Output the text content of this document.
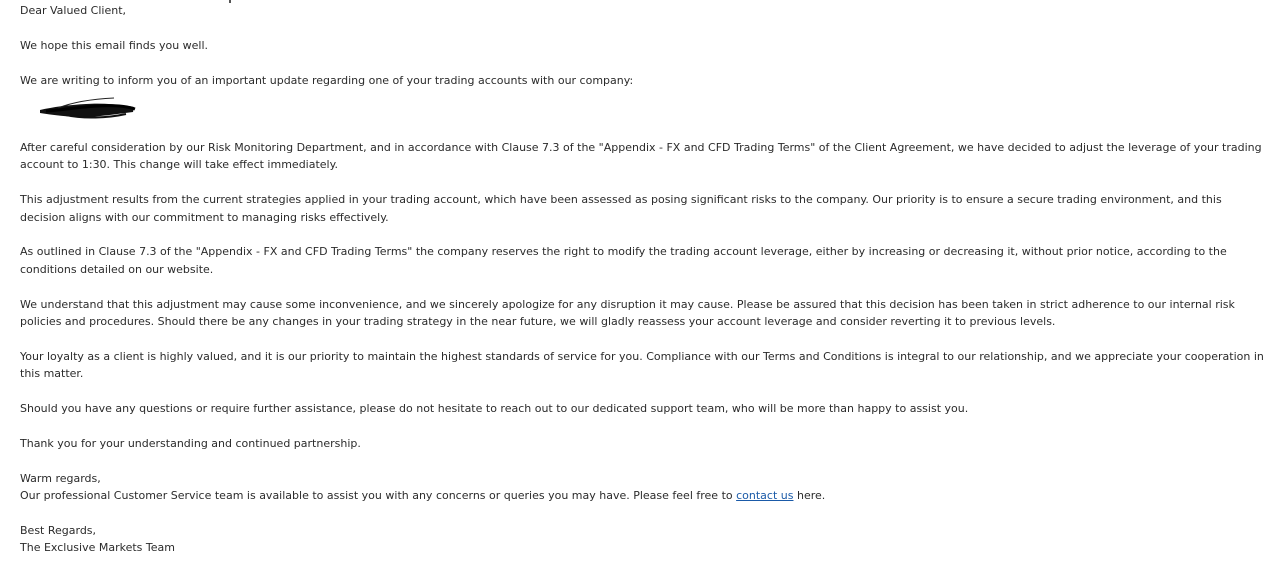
Dear Valued Client,

We hope this email finds you well.

We are writing to inform you of an important update regarding one of your trading accounts with our company:

After careful consideration by our Risk Monitoring Department, and in accordance with Clause 7.3 of the "Appendix - FX and CFD Trading Terms" of the Client Agreement, we have decided to adjust the leverage of your trading account to 1:30. This change will take effect immediately.

This adjustment results from the current strategies applied in your trading account, which have been assessed as posing significant risks to the company. Our priority is to ensure a secure trading environment, and this decision aligns with our commitment to managing risks effectively.

As outlined in Clause 7.3 of the "Appendix - FX and CFD Trading Terms" the company reserves the right to modify the trading account leverage, either by increasing or decreasing it, without prior notice, according to the conditions detailed on our website.

We understand that this adjustment may cause some inconvenience, and we sincerely apologize for any disruption it may cause. Please be assured that this decision has been taken in strict adherence to our internal risk policies and procedures. Should there be any changes in your trading strategy in the near future, we will gladly reassess your account leverage and consider reverting it to previous levels.

Your loyalty as a client is highly valued, and it is our priority to maintain the highest standards of service for you. Compliance with our Terms and Conditions is integral to our relationship, and we appreciate your cooperation in this matter.

Should you have any questions or require further assistance, please do not hesitate to reach out to our dedicated support team, who will be more than happy to assist you.

Thank you for your understanding and continued partnership.

Warm regards,

Our professional Customer Service team is available to assist you with any concerns or queries you may have. Please feel free to contact us here.

Best Regards,

The Exclusive Markets Team
